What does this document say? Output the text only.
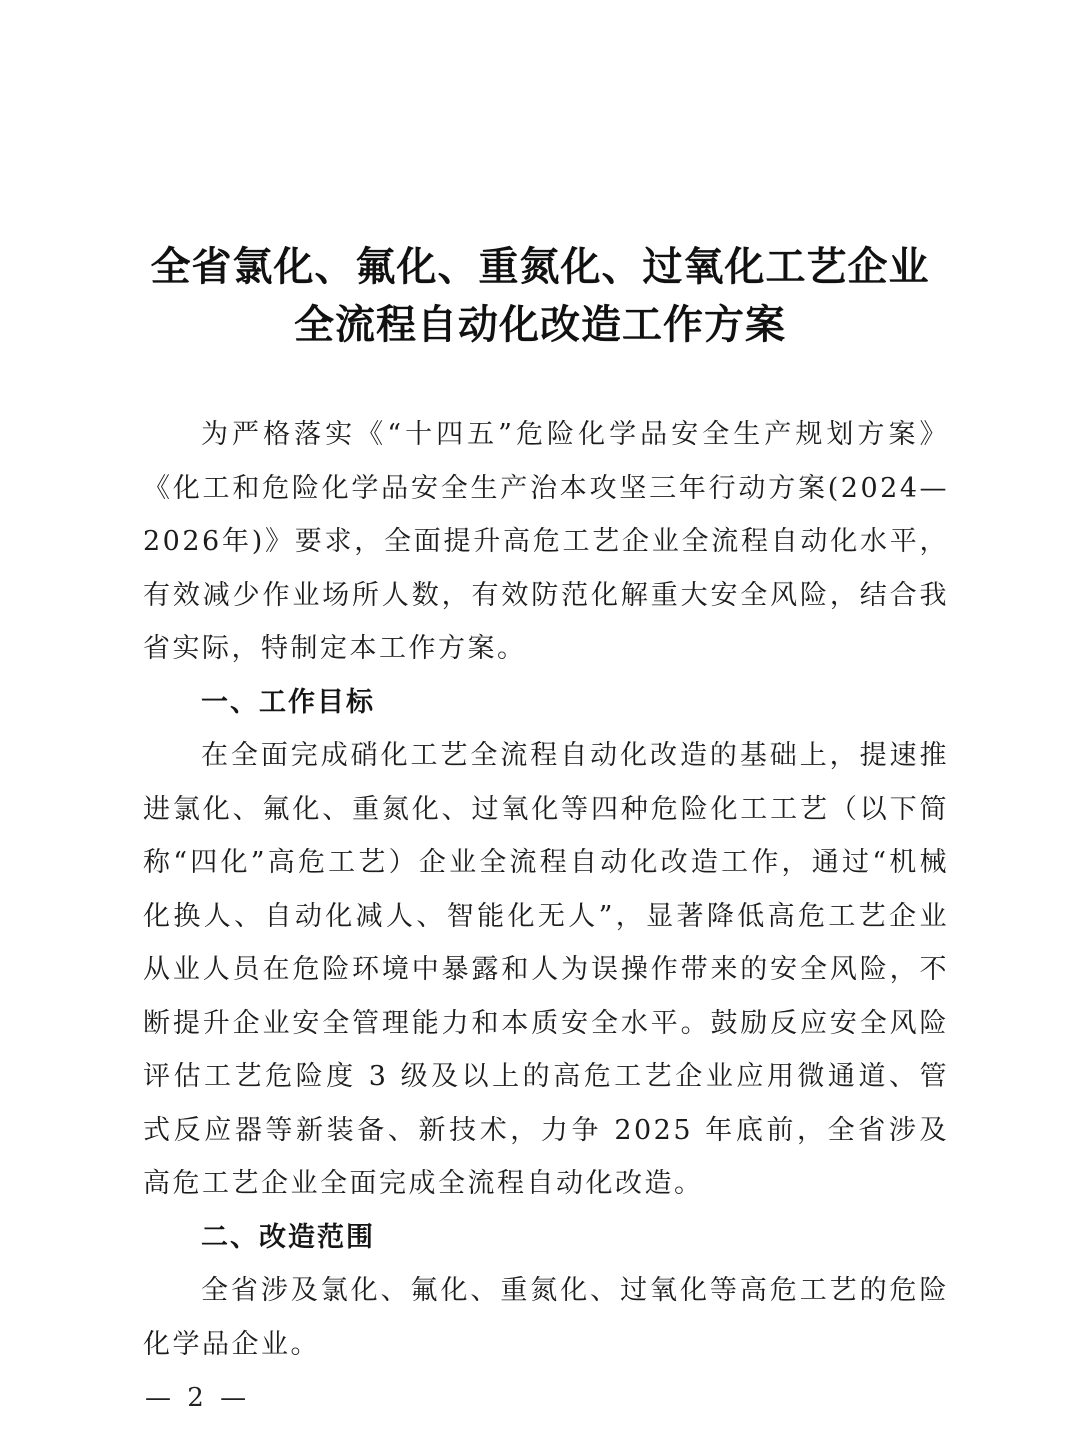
全省氯化、氟化、重氮化、过氧化工艺企业
全流程自动化改造工作方案

为严格落实《“十四五”危险化学品安全生产规划方案》《化工和危险化学品安全生产治本攻坚三年行动方案(2024—2026年)》要求，全面提升高危工艺企业全流程自动化水平，有效减少作业场所人数，有效防范化解重大安全风险，结合我省实际，特制定本工作方案。

一、工作目标

在全面完成硝化工艺全流程自动化改造的基础上，提速推进氯化、氟化、重氮化、过氧化等四种危险化工工艺（以下简称“四化”高危工艺）企业全流程自动化改造工作，通过“机械化换人、自动化减人、智能化无人”，显著降低高危工艺企业从业人员在危险环境中暴露和人为误操作带来的安全风险，不断提升企业安全管理能力和本质安全水平。鼓励反应安全风险评估工艺危险度 3 级及以上的高危工艺企业应用微通道、管式反应器等新装备、新技术，力争 2025 年底前，全省涉及高危工艺企业全面完成全流程自动化改造。

二、改造范围

全省涉及氯化、氟化、重氮化、过氧化等高危工艺的危险化学品企业。

— 2 —
